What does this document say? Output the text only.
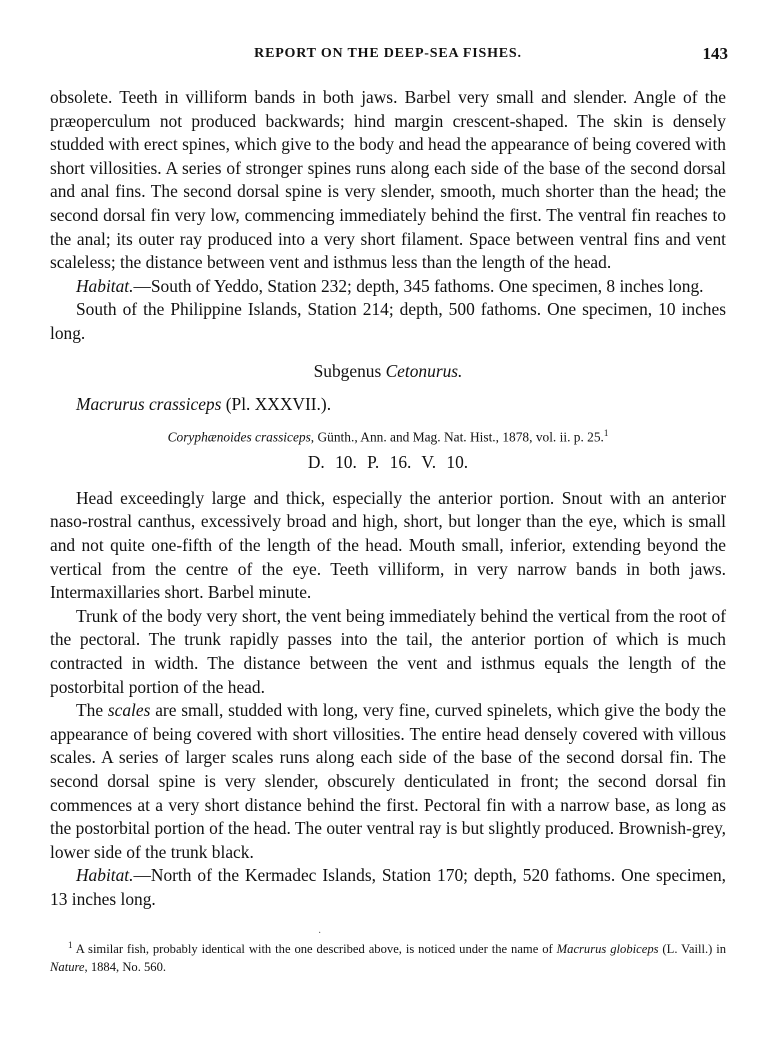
REPORT ON THE DEEP-SEA FISHES.	143

obsolete. Teeth in villiform bands in both jaws. Barbel very small and slender. Angle of the præoperculum not produced backwards; hind margin crescent-shaped. The skin is densely studded with erect spines, which give to the body and head the appearance of being covered with short villosities. A series of stronger spines runs along each side of the base of the second dorsal and anal fins. The second dorsal spine is very slender, smooth, much shorter than the head; the second dorsal fin very low, commencing immediately behind the first. The ventral fin reaches to the anal; its outer ray produced into a very short filament. Space between ventral fins and vent scaleless; the distance between vent and isthmus less than the length of the head.

Habitat.—South of Yeddo, Station 232; depth, 345 fathoms. One specimen, 8 inches long.

South of the Philippine Islands, Station 214; depth, 500 fathoms. One specimen, 10 inches long.

Subgenus Cetonurus.

Macrurus crassiceps (Pl. XXXVII.).

Coryphænoides crassiceps, Günth., Ann. and Mag. Nat. Hist., 1878, vol. ii. p. 25.$^1$

D. 10. P. 16. V. 10.

Head exceedingly large and thick, especially the anterior portion. Snout with an anterior naso-rostral canthus, excessively broad and high, short, but longer than the eye, which is small and not quite one-fifth of the length of the head. Mouth small, inferior, extending beyond the vertical from the centre of the eye. Teeth villiform, in very narrow bands in both jaws. Intermaxillaries short. Barbel minute.

Trunk of the body very short, the vent being immediately behind the vertical from the root of the pectoral. The trunk rapidly passes into the tail, the anterior portion of which is much contracted in width. The distance between the vent and isthmus equals the length of the postorbital portion of the head.

The scales are small, studded with long, very fine, curved spinelets, which give the body the appearance of being covered with short villosities. The entire head densely covered with villous scales. A series of larger scales runs along each side of the base of the second dorsal fin. The second dorsal spine is very slender, obscurely denticulated in front; the second dorsal fin commences at a very short distance behind the first. Pectoral fin with a narrow base, as long as the postorbital portion of the head. The outer ventral ray is but slightly produced. Brownish-grey, lower side of the trunk black.

Habitat.—North of the Kermadec Islands, Station 170; depth, 520 fathoms. One specimen, 13 inches long.

·

$^1$ A similar fish, probably identical with the one described above, is noticed under the name of Macrurus globiceps (L. Vaill.) in Nature, 1884, No. 560.
